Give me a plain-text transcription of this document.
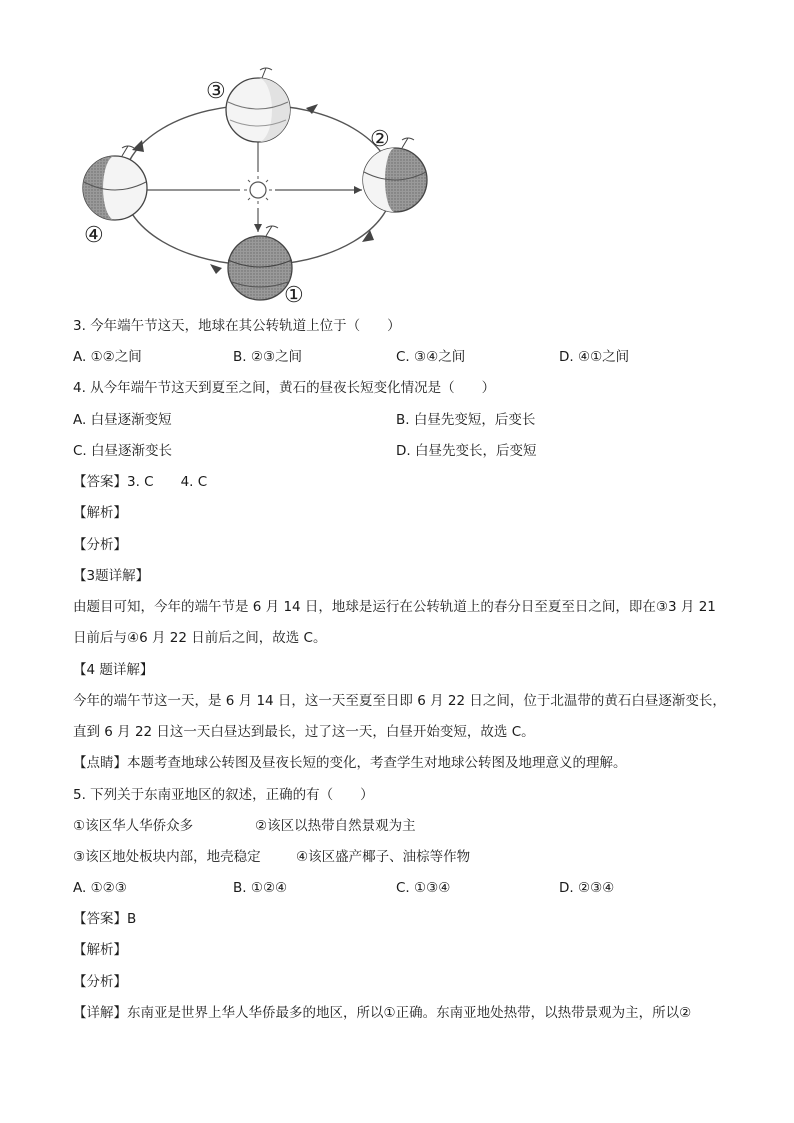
③
②
④
①
3. 今年端午节这天，地球在其公转轨道上位于（　　）
A. ①②之间	B. ②③之间	C. ③④之间	D. ④①之间
4. 从今年端午节这天到夏至之间，黄石的昼夜长短变化情况是（　　）
A. 白昼逐渐变短	B. 白昼先变短，后变长
C. 白昼逐渐变长	D. 白昼先变长，后变短
【答案】3. C　　4. C
【解析】
【分析】
【3题详解】
由题目可知，今年的端午节是 6 月 14 日，地球是运行在公转轨道上的春分日至夏至日之间，即在③3 月 21
日前后与④6 月 22 日前后之间，故选 C。
【4 题详解】
今年的端午节这一天，是 6 月 14 日，这一天至夏至日即 6 月 22 日之间，位于北温带的黄石白昼逐渐变长，
直到 6 月 22 日这一天白昼达到最长，过了这一天，白昼开始变短，故选 C。
【点睛】本题考查地球公转图及昼夜长短的变化，考查学生对地球公转图及地理意义的理解。
5. 下列关于东南亚地区的叙述，正确的有（　　）
①该区华人华侨众多	②该区以热带自然景观为主
③该区地处板块内部，地壳稳定	④该区盛产椰子、油棕等作物
A. ①②③	B. ①②④	C. ①③④	D. ②③④
【答案】B
【解析】
【分析】
【详解】东南亚是世界上华人华侨最多的地区，所以①正确。东南亚地处热带，以热带景观为主，所以②
